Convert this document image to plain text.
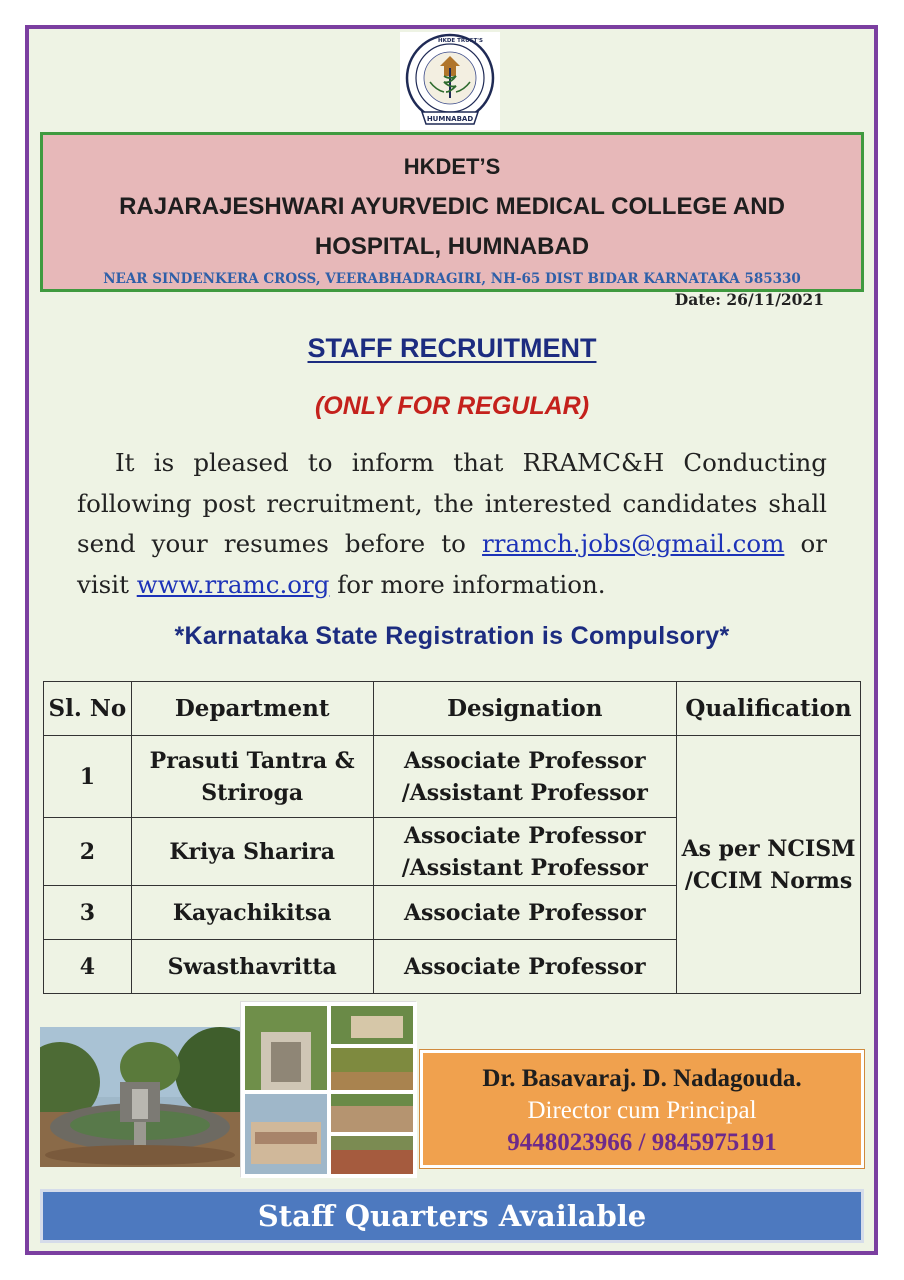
HKDE TRUST'S
HUMNABAD
HKDET’S
RAJARAJESHWARI AYURVEDIC MEDICAL COLLEGE AND
HOSPITAL, HUMNABAD
NEAR SINDENKERA CROSS, VEERABHADRAGIRI, NH-65 DIST BIDAR KARNATAKA 585330
Date: 26/11/2021
STAFF RECRUITMENT
(ONLY FOR REGULAR)
It is pleased to inform that RRAMC&H Conducting following post recruitment, the interested candidates shall send your resumes before to rramch.jobs@gmail.com or visit www.rramc.org for more information.
*Karnataka State Registration is Compulsory*
Sl. No	Department	Designation	Qualification
1	Prasuti Tantra & Striroga	Associate Professor /Assistant Professor	As per NCISM /CCIM Norms
2	Kriya Sharira	Associate Professor /Assistant Professor	
3	Kayachikitsa	Associate Professor	
4	Swasthavritta	Associate Professor	
Dr. Basavaraj. D. Nadagouda.
Director cum Principal
9448023966 / 9845975191
Staff Quarters Available
